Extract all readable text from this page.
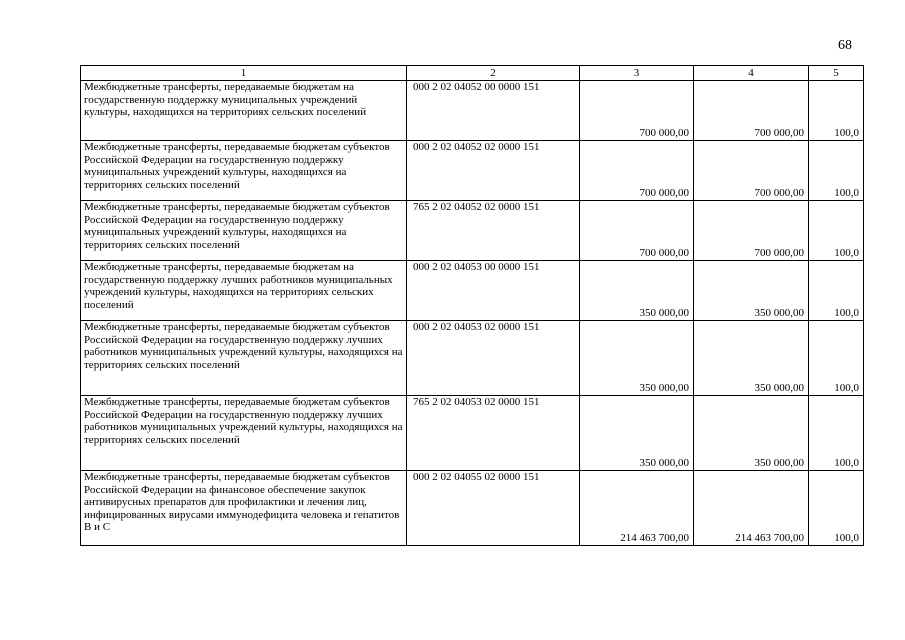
68
1	2	3	4	5
Межбюджетные трансферты, передаваемые бюджетам на государственную поддержку муниципальных учреждений культуры, находящихся на территориях сельских поселений	000 2 02 04052 00 0000 151	700 000,00	700 000,00	100,0
Межбюджетные трансферты, передаваемые бюджетам субъектов Российской Федерации на государственную поддержку муниципальных учреждений культуры, находящихся на территориях сельских поселений	000 2 02 04052 02 0000 151	700 000,00	700 000,00	100,0
Межбюджетные трансферты, передаваемые бюджетам субъектов Российской Федерации на государственную поддержку муниципальных учреждений культуры, находящихся на территориях сельских поселений	765 2 02 04052 02 0000 151	700 000,00	700 000,00	100,0
Межбюджетные трансферты, передаваемые бюджетам на государственную поддержку лучших работников муниципальных учреждений культуры, находящихся на территориях сельских поселений	000 2 02 04053 00 0000 151	350 000,00	350 000,00	100,0
Межбюджетные трансферты, передаваемые бюджетам субъектов Российской Федерации на государственную поддержку лучших работников муниципальных учреждений культуры, находящихся на территориях сельских поселений	000 2 02 04053 02 0000 151	350 000,00	350 000,00	100,0
Межбюджетные трансферты, передаваемые бюджетам субъектов Российской Федерации на государственную поддержку лучших работников муниципальных учреждений культуры, находящихся на территориях сельских поселений	765 2 02 04053 02 0000 151	350 000,00	350 000,00	100,0
Межбюджетные трансферты, передаваемые бюджетам субъектов Российской Федерации на финансовое обеспечение закупок антивирусных препаратов для профилактики и лечения лиц, инфицированных вирусами иммунодефицита человека и гепатитов B и C	000 2 02 04055 02 0000 151	214 463 700,00	214 463 700,00	100,0
